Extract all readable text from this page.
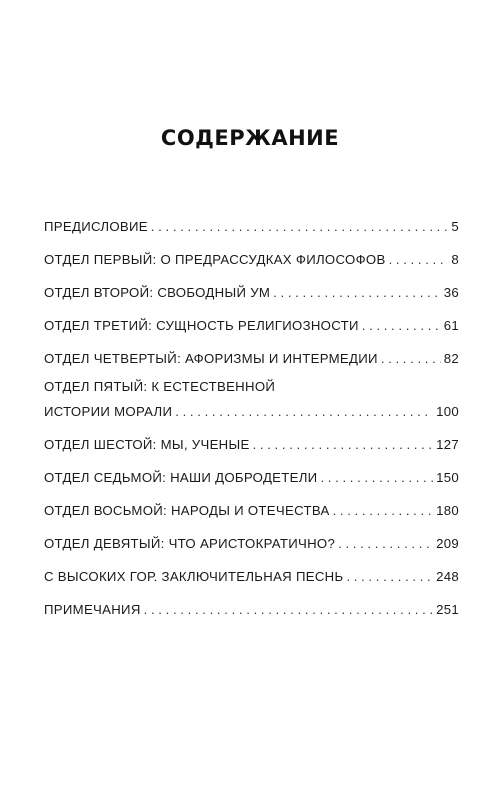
СОДЕРЖАНИЕ
ПРЕДИСЛОВИЕ . . .	5
ОТДЕЛ ПЕРВЫЙ: О ПРЕДРАССУДКАХ ФИЛОСОФОВ . . .	8
ОТДЕЛ ВТОРОЙ: СВОБОДНЫЙ УМ . . .	36
ОТДЕЛ ТРЕТИЙ: СУЩНОСТЬ РЕЛИГИОЗНОСТИ . . .	61
ОТДЕЛ ЧЕТВЕРТЫЙ: АФОРИЗМЫ И ИНТЕРМЕДИИ . . .	82
ОТДЕЛ ПЯТЫЙ: К ЕСТЕСТВЕННОЙ
ИСТОРИИ МОРАЛИ . . .	100
ОТДЕЛ ШЕСТОЙ: МЫ, УЧЕНЫЕ . . .	127
ОТДЕЛ СЕДЬМОЙ: НАШИ ДОБРОДЕТЕЛИ . . .	150
ОТДЕЛ ВОСЬМОЙ: НАРОДЫ И ОТЕЧЕСТВА . . .	180
ОТДЕЛ ДЕВЯТЫЙ: ЧТО АРИСТОКРАТИЧНО? . . .	209
С ВЫСОКИХ ГОР. ЗАКЛЮЧИТЕЛЬНАЯ ПЕСНЬ . . .	248
ПРИМЕЧАНИЯ . . .	251
